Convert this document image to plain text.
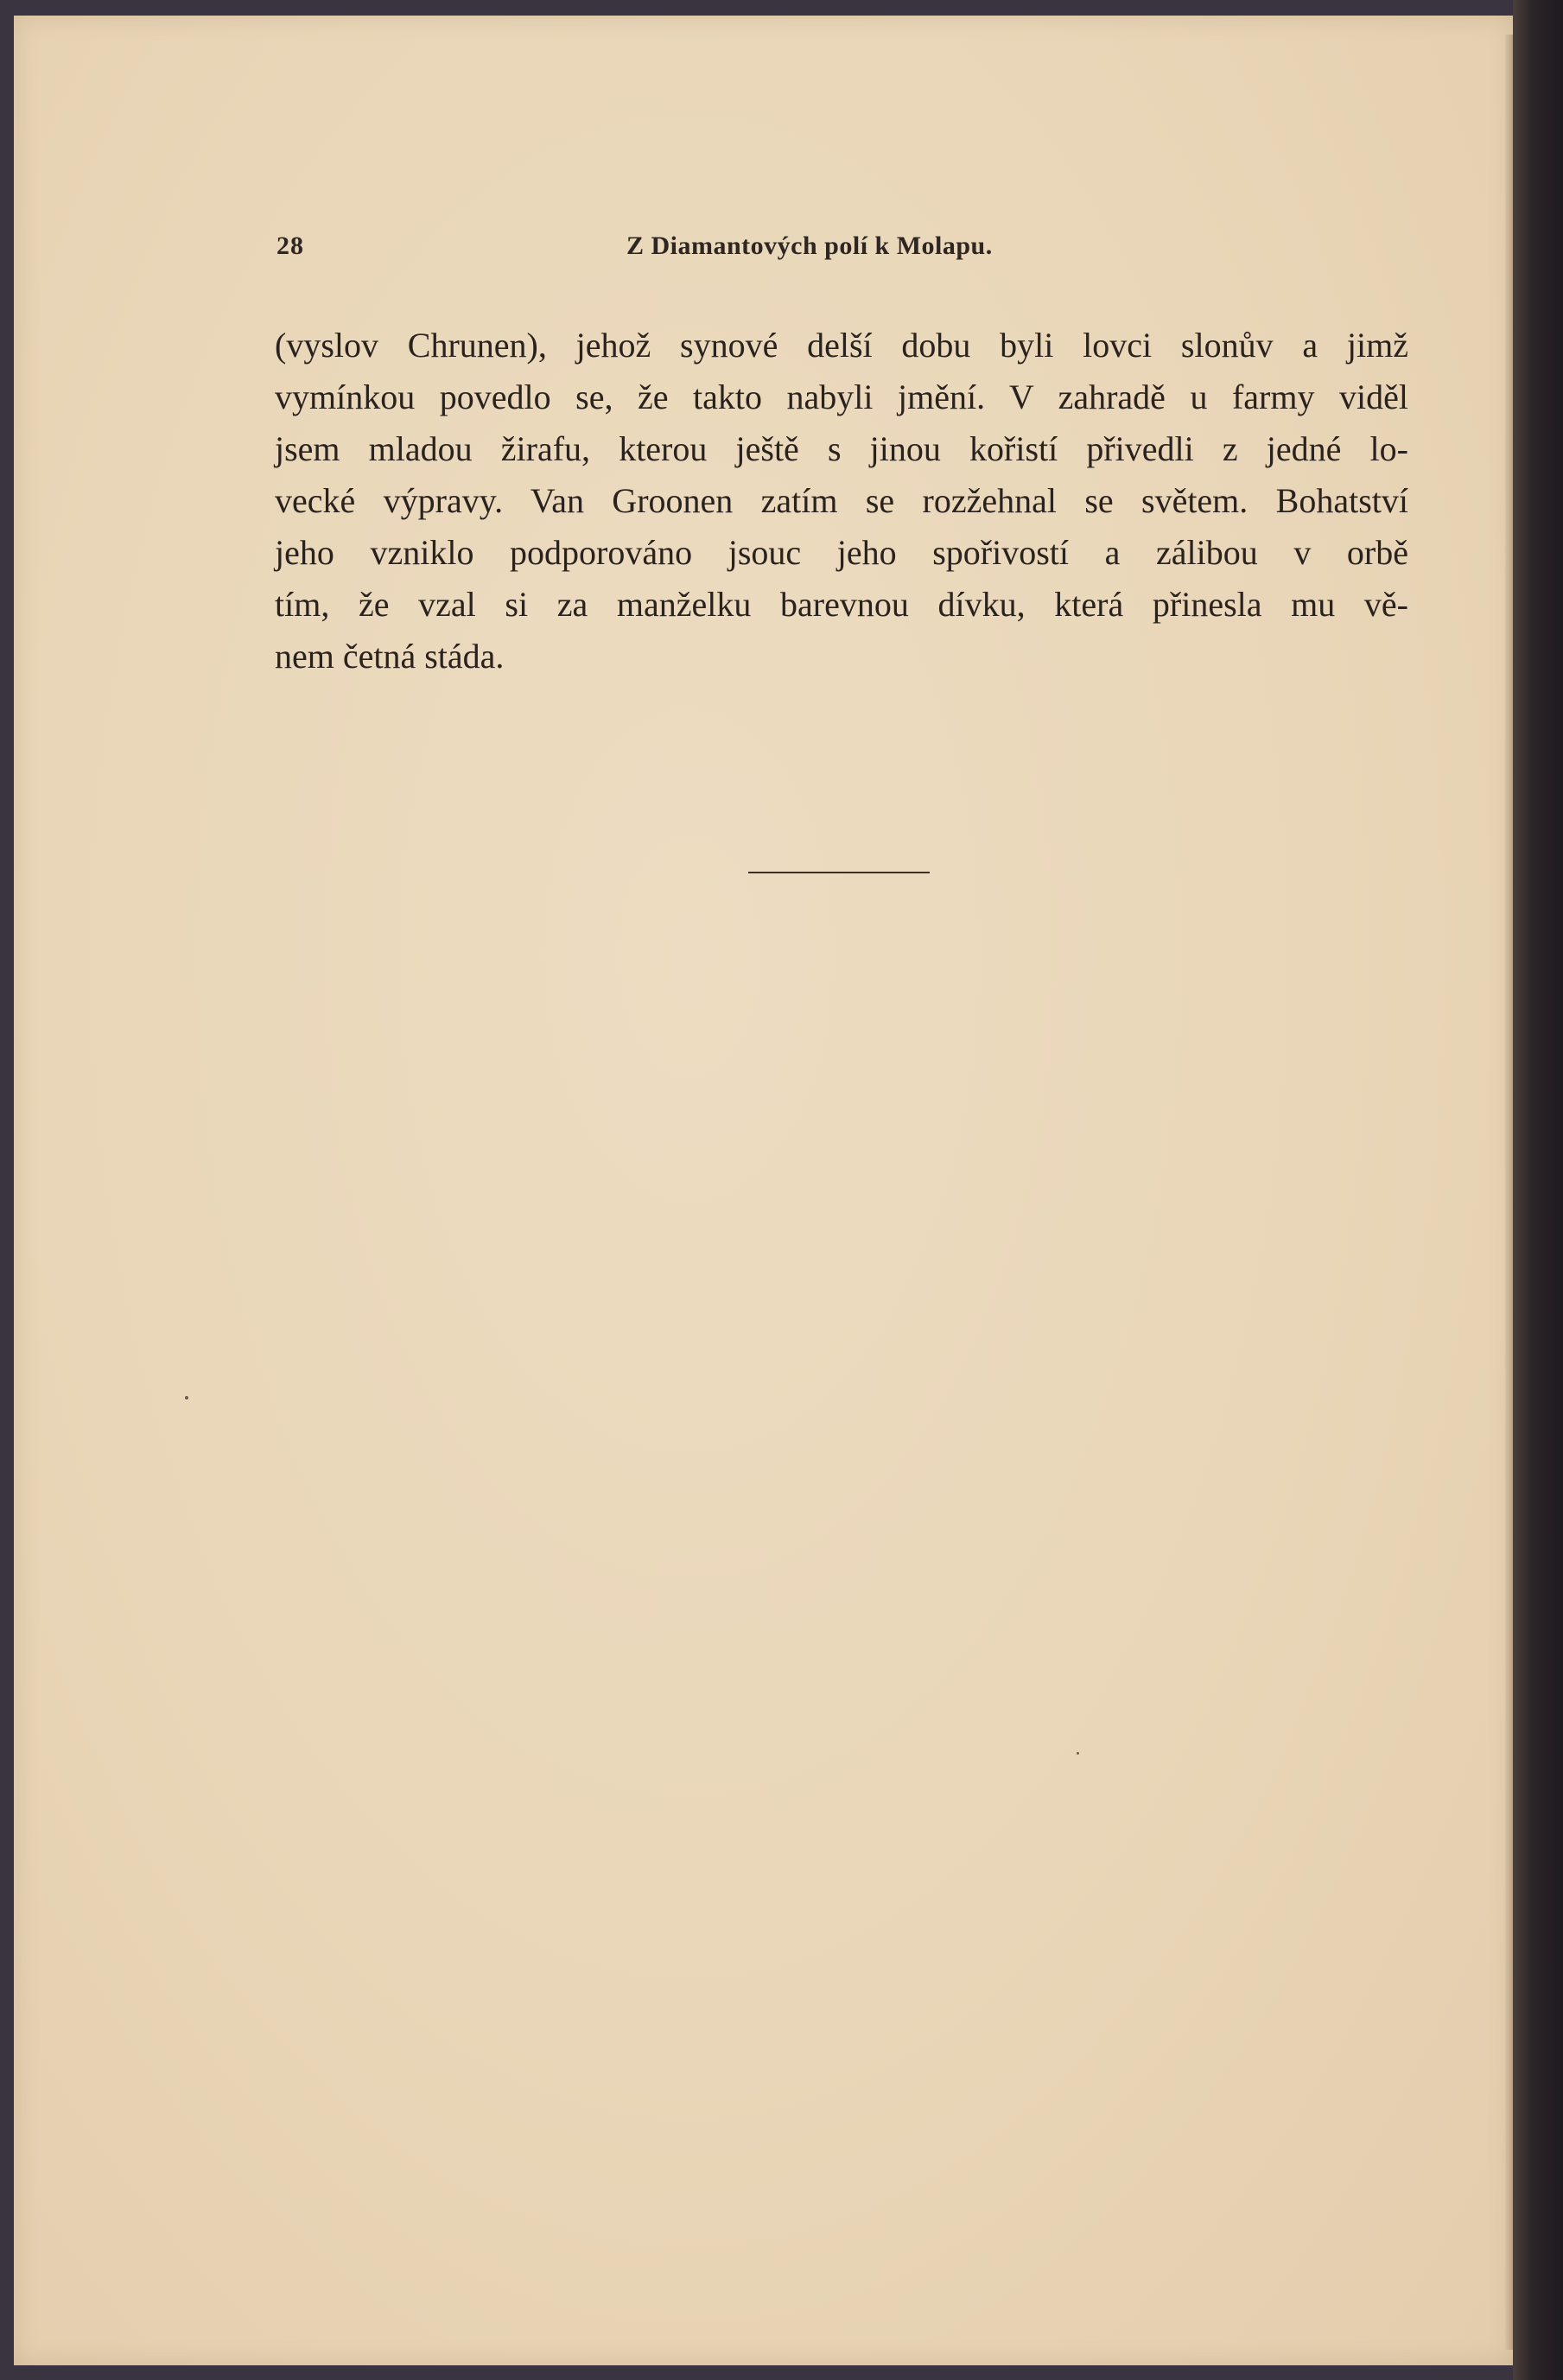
28	Z Diamantových polí k Molapu.
(vyslov Chrunen), jehož synové delší dobu byli lovci slonův a jimž
vymínkou povedlo se, že takto nabyli jmění. V zahradě u farmy viděl
jsem mladou žirafu, kterou ještě s jinou kořistí přivedli z jedné lo-
vecké výpravy. Van Groonen zatím se rozžehnal se světem. Bohatství
jeho vzniklo podporováno jsouc jeho spořivostí a zálibou v orbě
tím, že vzal si za manželku barevnou dívku, která přinesla mu vě-
nem četná stáda.
